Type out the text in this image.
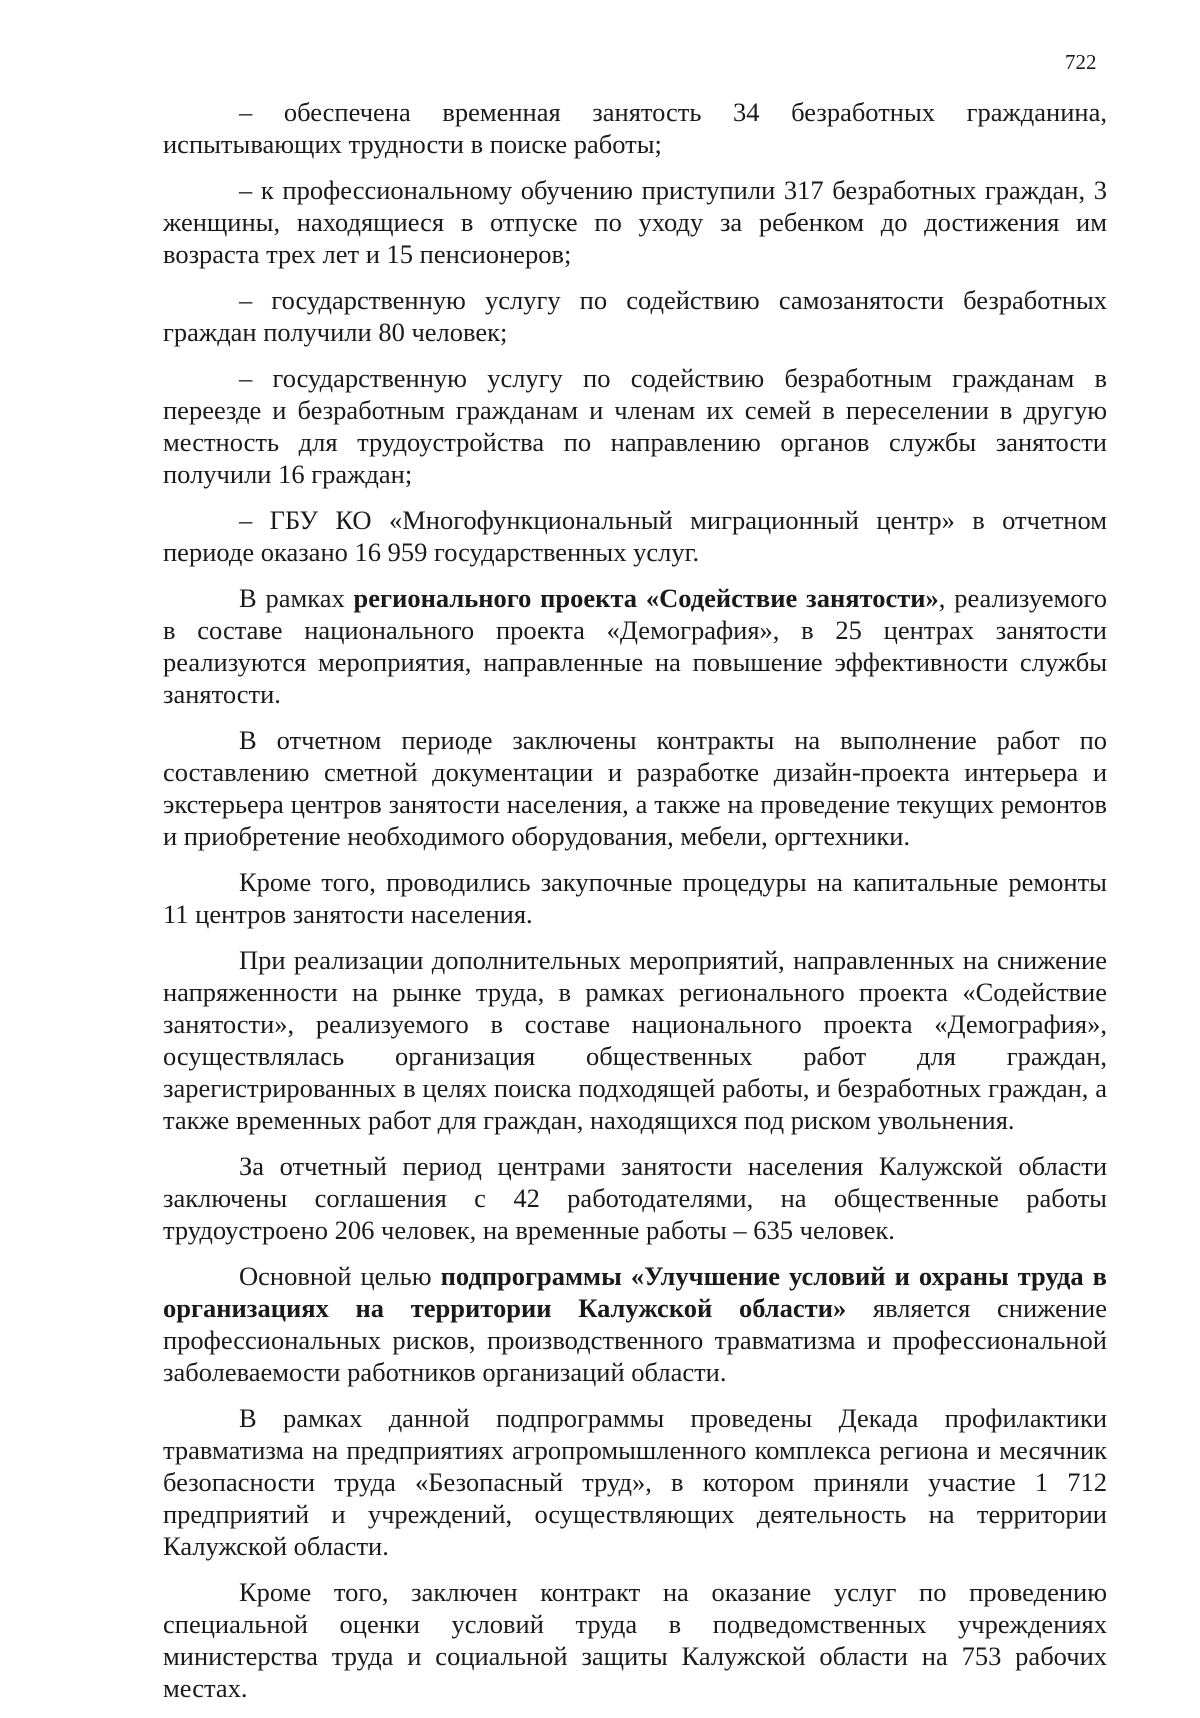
722

– обеспечена временная занятость 34 безработных гражданина, испытывающих трудности в поиске работы;

– к профессиональному обучению приступили 317 безработных граждан, 3 женщины, находящиеся в отпуске по уходу за ребенком до достижения им возраста трех лет и 15 пенсионеров;

– государственную услугу по содействию самозанятости безработных граждан получили 80 человек;

– государственную услугу по содействию безработным гражданам в переезде и безработным гражданам и членам их семей в переселении в другую местность для трудоустройства по направлению органов службы занятости получили 16 граждан;

– ГБУ КО «Многофункциональный миграционный центр» в отчетном периоде оказано 16 959 государственных услуг.

В рамках регионального проекта «Содействие занятости», реализуемого в составе национального проекта «Демография», в 25 центрах занятости реализуются мероприятия, направленные на повышение эффективности службы занятости.

В отчетном периоде заключены контракты на выполнение работ по составлению сметной документации и разработке дизайн-проекта интерьера и экстерьера центров занятости населения, а также на проведение текущих ремонтов и приобретение необходимого оборудования, мебели, оргтехники.

Кроме того, проводились закупочные процедуры на капитальные ремонты 11 центров занятости населения.

При реализации дополнительных мероприятий, направленных на снижение напряженности на рынке труда, в рамках регионального проекта «Содействие занятости», реализуемого в составе национального проекта «Демография», осуществлялась организация общественных работ для граждан, зарегистрированных в целях поиска подходящей работы, и безработных граждан, а также временных работ для граждан, находящихся под риском увольнения.

За отчетный период центрами занятости населения Калужской области заключены соглашения с 42 работодателями, на общественные работы трудоустроено 206 человек, на временные работы – 635 человек.

Основной целью подпрограммы «Улучшение условий и охраны труда в организациях на территории Калужской области» является снижение профессиональных рисков, производственного травматизма и профессиональной заболеваемости работников организаций области.

В рамках данной подпрограммы проведены Декада профилактики травматизма на предприятиях агропромышленного комплекса региона и месячник безопасности труда «Безопасный труд», в котором приняли участие 1 712 предприятий и учреждений, осуществляющих деятельность на территории Калужской области.

Кроме того, заключен контракт на оказание услуг по проведению специальной оценки условий труда в подведомственных учреждениях министерства труда и социальной защиты Калужской области на 753 рабочих местах.
